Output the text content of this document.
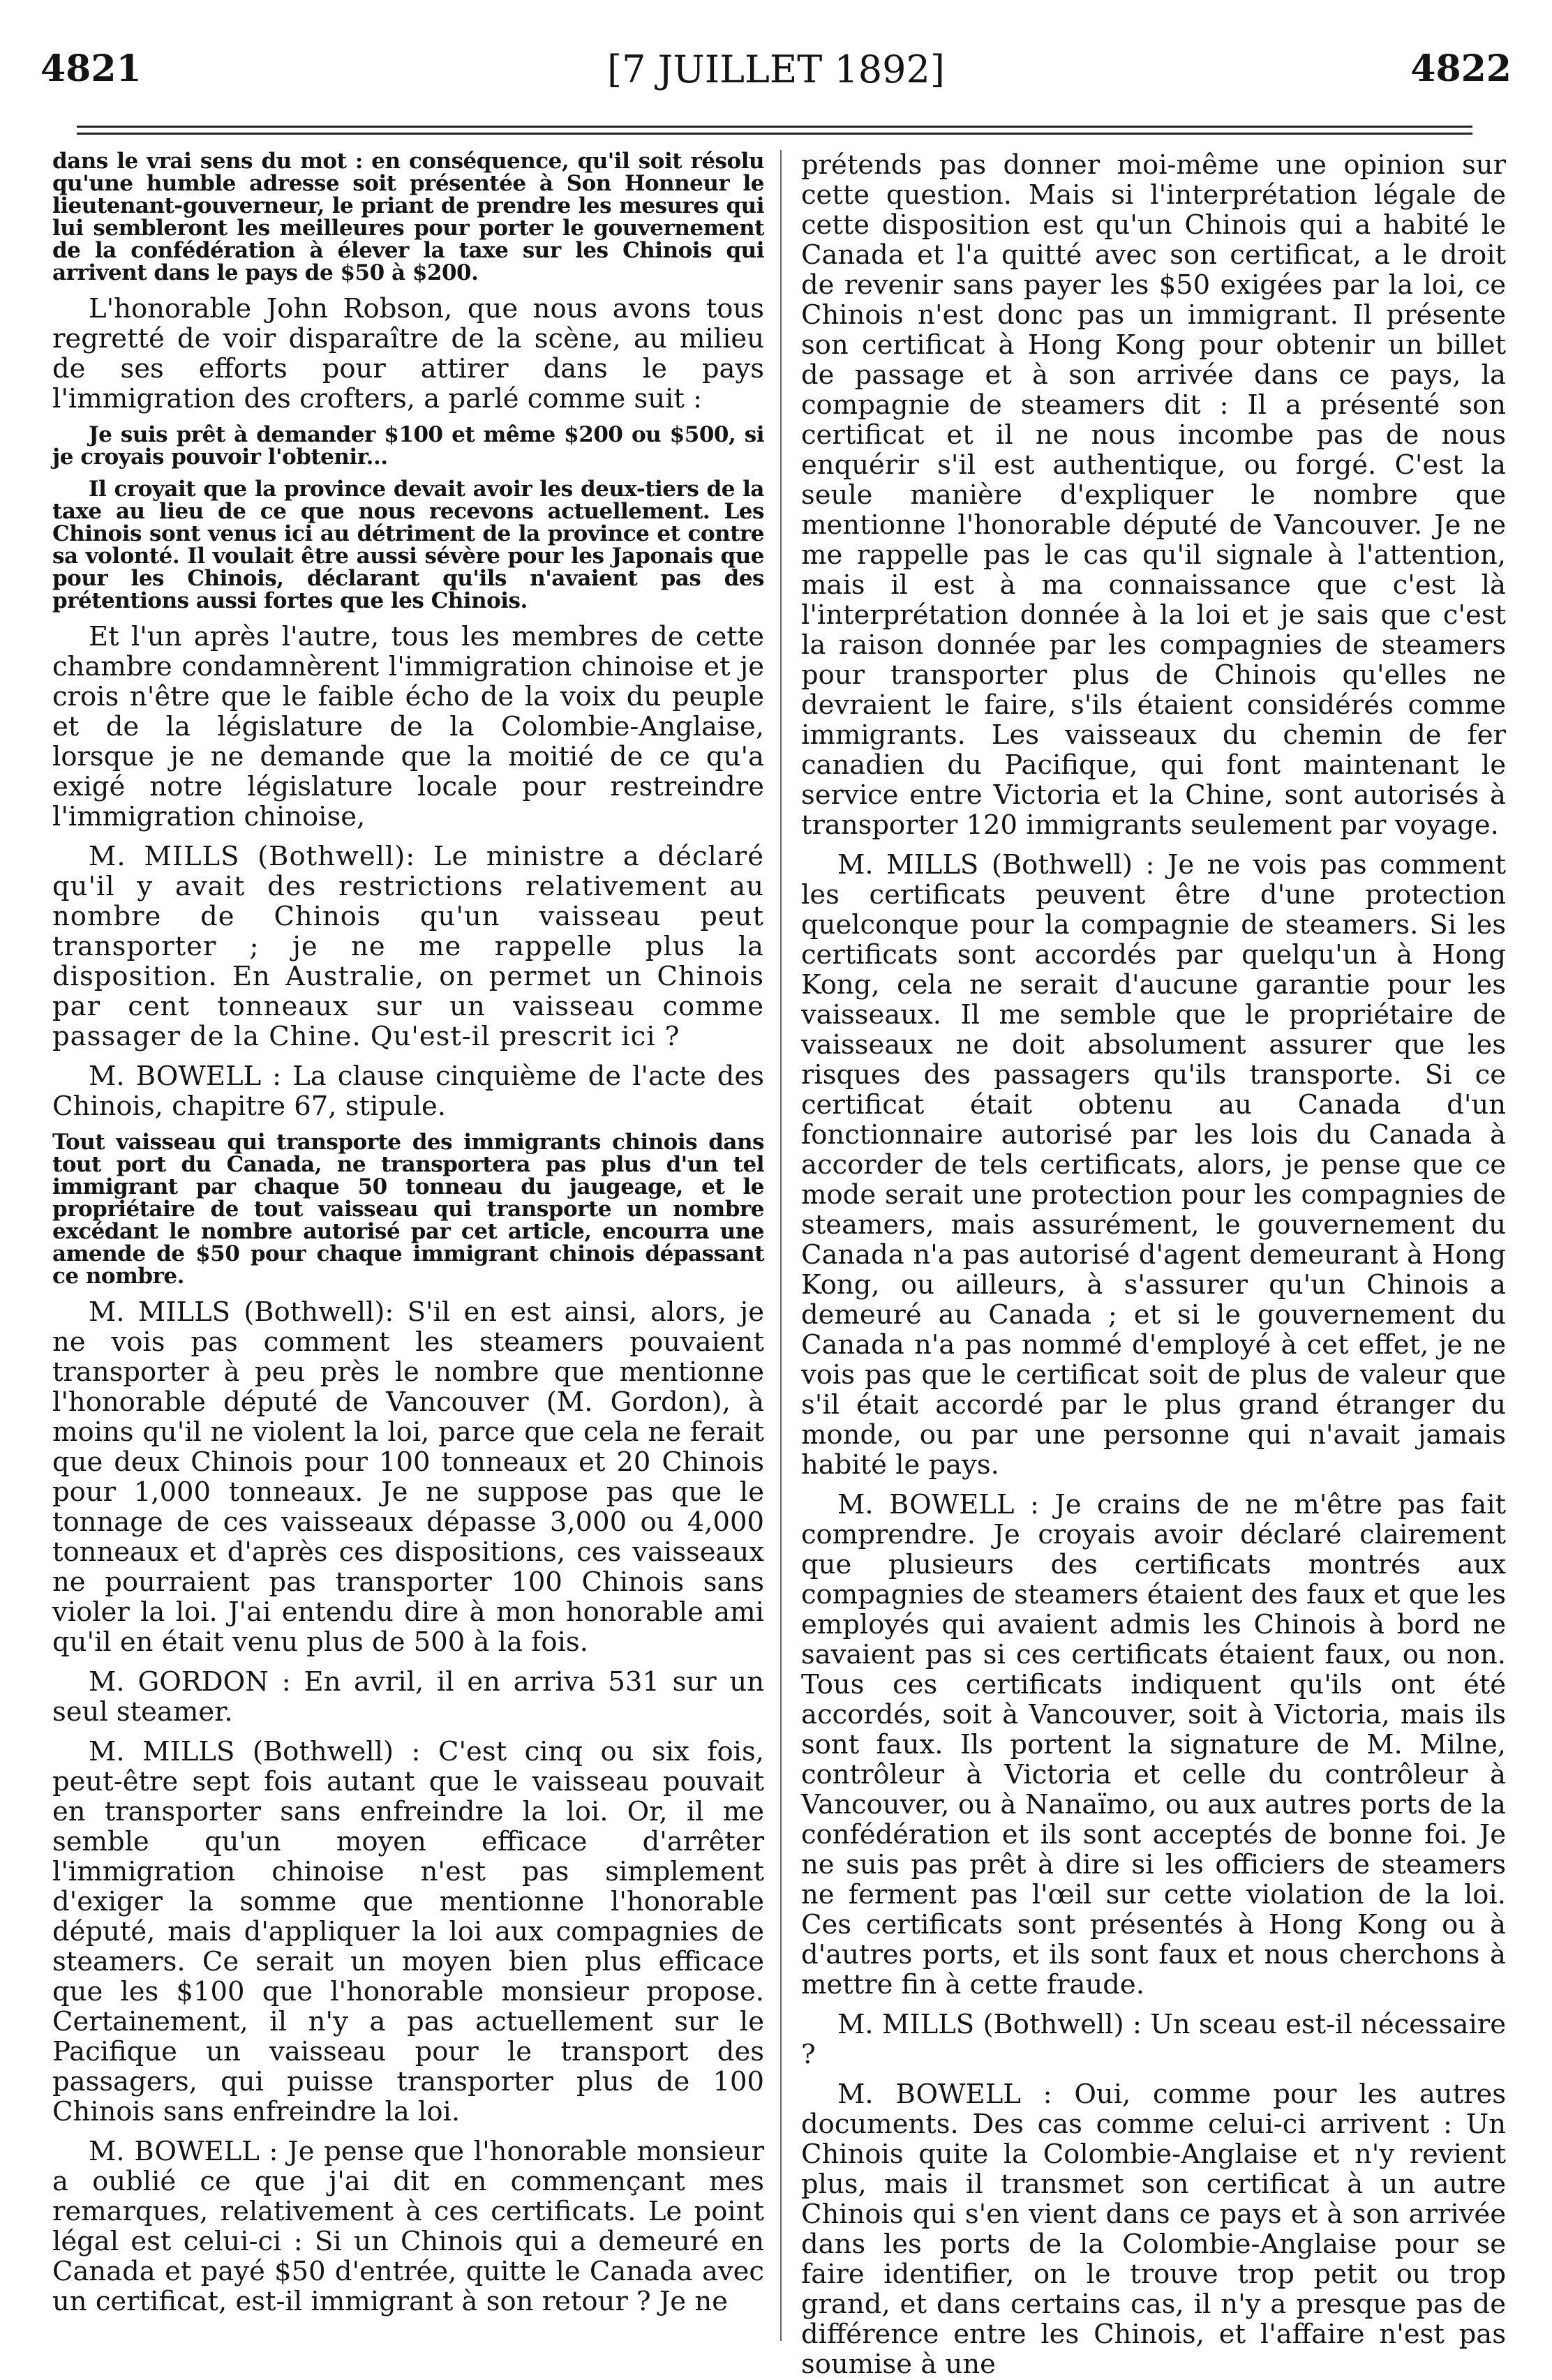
4821	[7 JUILLET 1892]	4822

dans le vrai sens du mot : en conséquence, qu'il soit résolu qu'une humble adresse soit présentée à Son Honneur le lieutenant-gouverneur, le priant de prendre les mesures qui lui sembleront les meilleures pour porter le gouvernement de la confédération à élever la taxe sur les Chinois qui arrivent dans le pays de $50 à $200.

L'honorable John Robson, que nous avons tous regretté de voir disparaître de la scène, au milieu de ses efforts pour attirer dans le pays l'immigration des crofters, a parlé comme suit :

Je suis prêt à demander $100 et même $200 ou $500, si je croyais pouvoir l'obtenir...

Il croyait que la province devait avoir les deux-tiers de la taxe au lieu de ce que nous recevons actuellement. Les Chinois sont venus ici au détriment de la province et contre sa volonté. Il voulait être aussi sévère pour les Japonais que pour les Chinois, déclarant qu'ils n'avaient pas des prétentions aussi fortes que les Chinois.

Et l'un après l'autre, tous les membres de cette chambre condamnèrent l'immigration chinoise et je crois n'être que le faible écho de la voix du peuple et de la législature de la Colombie-Anglaise, lorsque je ne demande que la moitié de ce qu'a exigé notre législature locale pour restreindre l'immigration chinoise,

M. MILLS (Bothwell): Le ministre a déclaré qu'il y avait des restrictions relativement au nombre de Chinois qu'un vaisseau peut transporter ; je ne me rappelle plus la disposition. En Australie, on permet un Chinois par cent tonneaux sur un vaisseau comme passager de la Chine. Qu'est-il prescrit ici ?

M. BOWELL : La clause cinquième de l'acte des Chinois, chapitre 67, stipule.

Tout vaisseau qui transporte des immigrants chinois dans tout port du Canada, ne transportera pas plus d'un tel immigrant par chaque 50 tonneau du jaugeage, et le propriétaire de tout vaisseau qui transporte un nombre excédant le nombre autorisé par cet article, encourra une amende de $50 pour chaque immigrant chinois dépassant ce nombre.

M. MILLS (Bothwell): S'il en est ainsi, alors, je ne vois pas comment les steamers pouvaient transporter à peu près le nombre que mentionne l'honorable député de Vancouver (M. Gordon), à moins qu'il ne violent la loi, parce que cela ne ferait que deux Chinois pour 100 tonneaux et 20 Chinois pour 1,000 tonneaux. Je ne suppose pas que le tonnage de ces vaisseaux dépasse 3,000 ou 4,000 tonneaux et d'après ces dispositions, ces vaisseaux ne pourraient pas transporter 100 Chinois sans violer la loi. J'ai entendu dire à mon honorable ami qu'il en était venu plus de 500 à la fois.

M. GORDON : En avril, il en arriva 531 sur un seul steamer.

M. MILLS (Bothwell) : C'est cinq ou six fois, peut-être sept fois autant que le vaisseau pouvait en transporter sans enfreindre la loi. Or, il me semble qu'un moyen efficace d'arrêter l'immigration chinoise n'est pas simplement d'exiger la somme que mentionne l'honorable député, mais d'appliquer la loi aux compagnies de steamers. Ce serait un moyen bien plus efficace que les $100 que l'honorable monsieur propose. Certainement, il n'y a pas actuellement sur le Pacifique un vaisseau pour le transport des passagers, qui puisse transporter plus de 100 Chinois sans enfreindre la loi.

M. BOWELL : Je pense que l'honorable monsieur a oublié ce que j'ai dit en commençant mes remarques, relativement à ces certificats. Le point légal est celui-ci : Si un Chinois qui a demeuré en Canada et payé $50 d'entrée, quitte le Canada avec un certificat, est-il immigrant à son retour ? Je ne

prétends pas donner moi-même une opinion sur cette question. Mais si l'interprétation légale de cette disposition est qu'un Chinois qui a habité le Canada et l'a quitté avec son certificat, a le droit de revenir sans payer les $50 exigées par la loi, ce Chinois n'est donc pas un immigrant. Il présente son certificat à Hong Kong pour obtenir un billet de passage et à son arrivée dans ce pays, la compagnie de steamers dit : Il a présenté son certificat et il ne nous incombe pas de nous enquérir s'il est authentique, ou forgé. C'est la seule manière d'expliquer le nombre que mentionne l'honorable député de Vancouver. Je ne me rappelle pas le cas qu'il signale à l'attention, mais il est à ma connaissance que c'est là l'interprétation donnée à la loi et je sais que c'est la raison donnée par les compagnies de steamers pour transporter plus de Chinois qu'elles ne devraient le faire, s'ils étaient considérés comme immigrants. Les vaisseaux du chemin de fer canadien du Pacifique, qui font maintenant le service entre Victoria et la Chine, sont autorisés à transporter 120 immigrants seulement par voyage.

M. MILLS (Bothwell) : Je ne vois pas comment les certificats peuvent être d'une protection quelconque pour la compagnie de steamers. Si les certificats sont accordés par quelqu'un à Hong Kong, cela ne serait d'aucune garantie pour les vaisseaux. Il me semble que le propriétaire de vaisseaux ne doit absolument assurer que les risques des passagers qu'ils transporte. Si ce certificat était obtenu au Canada d'un fonctionnaire autorisé par les lois du Canada à accorder de tels certificats, alors, je pense que ce mode serait une protection pour les compagnies de steamers, mais assurément, le gouvernement du Canada n'a pas autorisé d'agent demeurant à Hong Kong, ou ailleurs, à s'assurer qu'un Chinois a demeuré au Canada ; et si le gouvernement du Canada n'a pas nommé d'employé à cet effet, je ne vois pas que le certificat soit de plus de valeur que s'il était accordé par le plus grand étranger du monde, ou par une personne qui n'avait jamais habité le pays.

M. BOWELL : Je crains de ne m'être pas fait comprendre. Je croyais avoir déclaré clairement que plusieurs des certificats montrés aux compagnies de steamers étaient des faux et que les employés qui avaient admis les Chinois à bord ne savaient pas si ces certificats étaient faux, ou non. Tous ces certificats indiquent qu'ils ont été accordés, soit à Vancouver, soit à Victoria, mais ils sont faux. Ils portent la signature de M. Milne, contrôleur à Victoria et celle du contrôleur à Vancouver, ou à Nanaïmo, ou aux autres ports de la confédération et ils sont acceptés de bonne foi. Je ne suis pas prêt à dire si les officiers de steamers ne ferment pas l'œil sur cette violation de la loi. Ces certificats sont présentés à Hong Kong ou à d'autres ports, et ils sont faux et nous cherchons à mettre fin à cette fraude.

M. MILLS (Bothwell) : Un sceau est-il nécessaire ?

M. BOWELL : Oui, comme pour les autres documents. Des cas comme celui-ci arrivent : Un Chinois quite la Colombie-Anglaise et n'y revient plus, mais il transmet son certificat à un autre Chinois qui s'en vient dans ce pays et à son arrivée dans les ports de la Colombie-Anglaise pour se faire identifier, on le trouve trop petit ou trop grand, et dans certains cas, il n'y a presque pas de différence entre les Chinois, et l'affaire n'est pas soumise à une
